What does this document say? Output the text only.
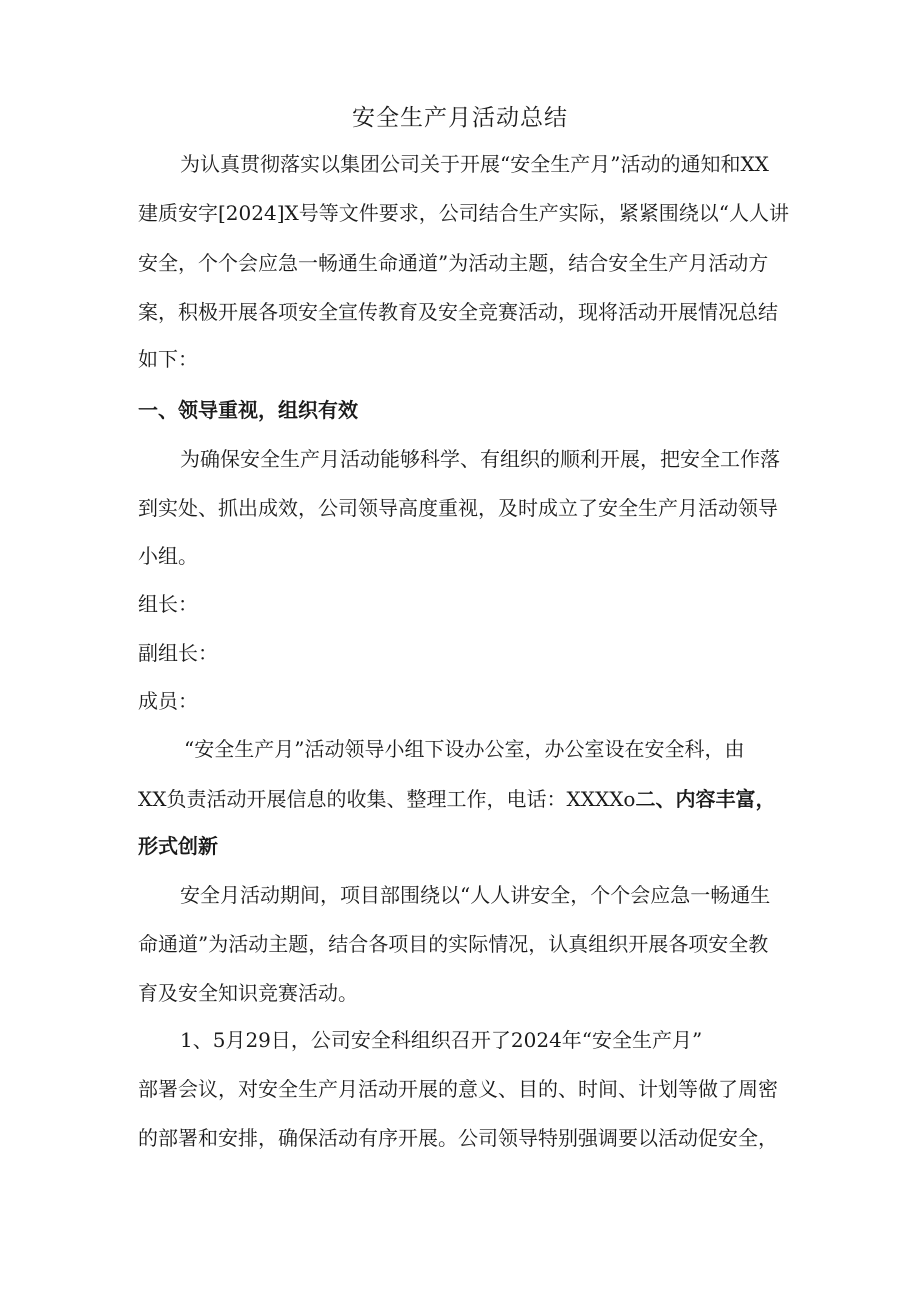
安全生产月活动总结
为认真贯彻落实以集团公司关于开展“安全生产月”活动的通知和XX
建质安字[2024]X号等文件要求，公司结合生产实际，紧紧围绕以“人人讲
安全，个个会应急一畅通生命通道”为活动主题，结合安全生产月活动方
案，积极开展各项安全宣传教育及安全竞赛活动，现将活动开展情况总结
如下：
一、领导重视，组织有效
为确保安全生产月活动能够科学、有组织的顺利开展，把安全工作落
到实处、抓出成效，公司领导高度重视，及时成立了安全生产月活动领导
小组。
组长：
副组长：
成员：
“安全生产月”活动领导小组下设办公室，办公室设在安全科，由
XX负责活动开展信息的收集、整理工作，电话：XXXXo二、内容丰富，
形式创新
安全月活动期间，项目部围绕以“人人讲安全，个个会应急一畅通生
命通道”为活动主题，结合各项目的实际情况，认真组织开展各项安全教
育及安全知识竞赛活动。
1、5月29日，公司安全科组织召开了2024年“安全生产月”
部署会议，对安全生产月活动开展的意义、目的、时间、计划等做了周密
的部署和安排，确保活动有序开展。公司领导特别强调要以活动促安全，
